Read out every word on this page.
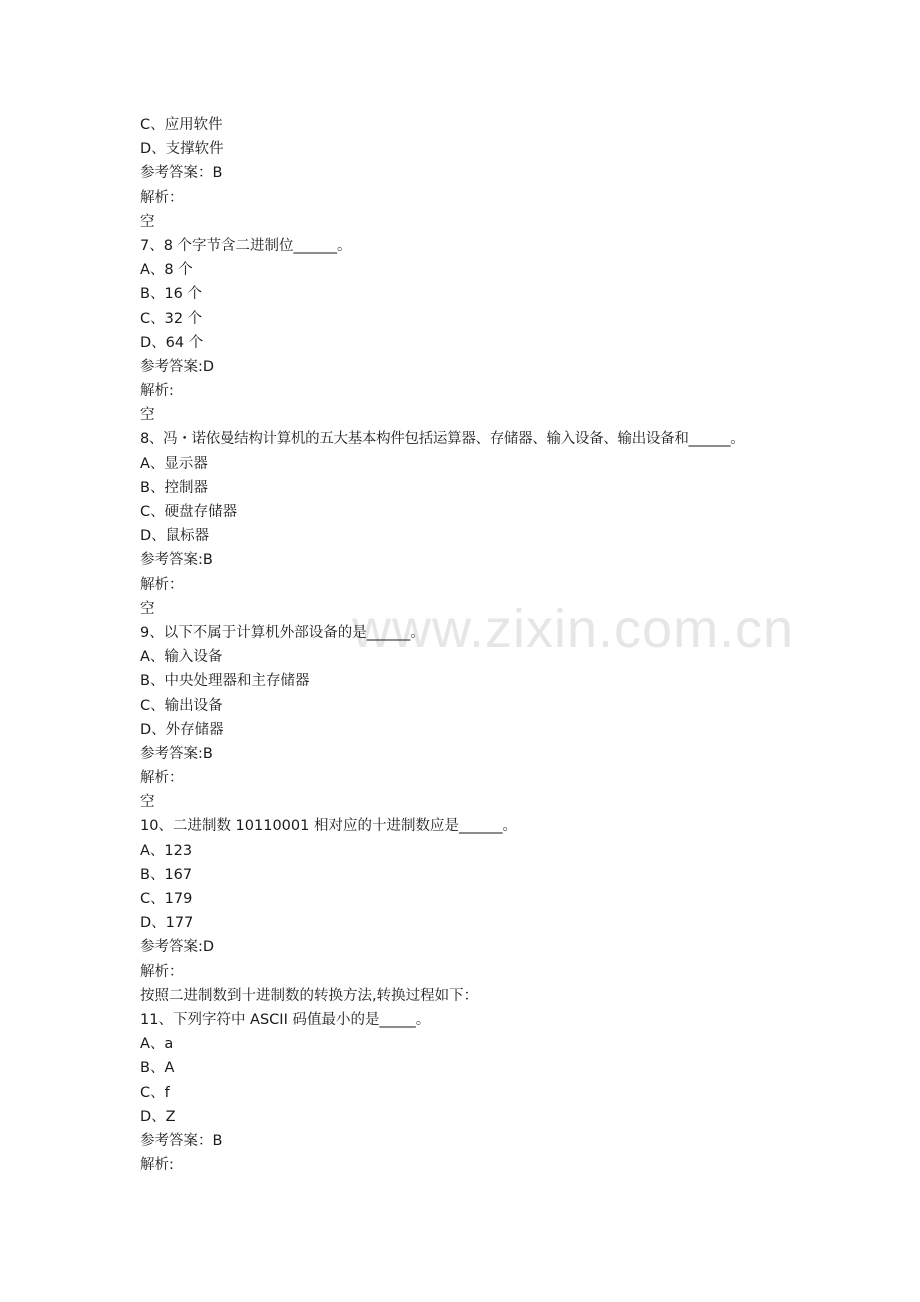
www.zixin.com.cn
C、应用软件
D、支撑软件
参考答案：B
解析：
空
7、8 个字节含二进制位______。
A、8 个
B、16 个
C、32 个
D、64 个
参考答案:D
解析:
空
8、冯・诺依曼结构计算机的五大基本构件包括运算器、存储器、输入设备、输出设备和______。
A、显示器
B、控制器
C、硬盘存储器
D、鼠标器
参考答案:B
解析：
空
9、以下不属于计算机外部设备的是______。
A、输入设备
B、中央处理器和主存储器
C、输出设备
D、外存储器
参考答案:B
解析：
空
10、二进制数 10110001 相对应的十进制数应是______。
A、123
B、167
C、179
D、177
参考答案:D
解析：
按照二进制数到十进制数的转换方法,转换过程如下：
11、下列字符中 ASCII 码值最小的是_____。
A、a
B、A
C、f
D、Z
参考答案：B
解析:
